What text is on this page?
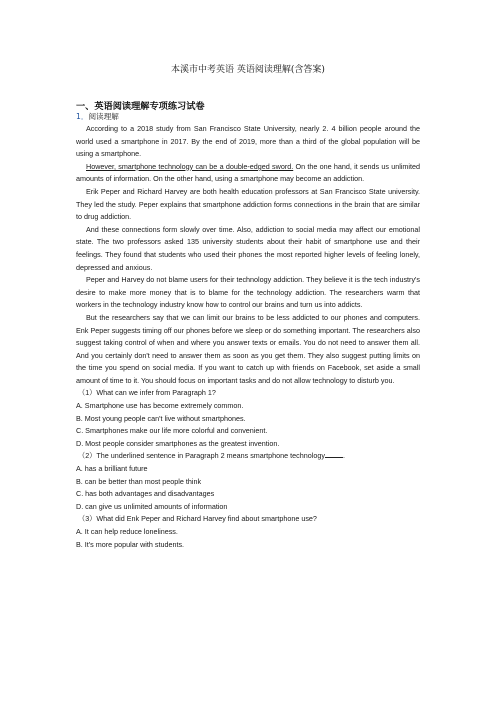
本溪市中考英语 英语阅读理解(含答案)
一、英语阅读理解专项练习试卷
1．阅读理解

According to a 2018 study from San Francisco State University, nearly 2. 4 billion people around the world used a smartphone in 2017. By the end of 2019, more than a third of the global population will be using a smartphone.

However, smartphone technology can be a double-edged sword. On the one hand, it sends us unlimited amounts of information. On the other hand, using a smartphone may become an addiction.

Erik Peper and Richard Harvey are both health education professors at San Francisco State university. They led the study. Peper explains that smartphone addiction forms connections in the brain that are similar to drug addiction.

And these connections form slowly over time. Also, addiction to social media may affect our emotional state. The two professors asked 135 university students about their habit of smartphone use and their feelings. They found that students who used their phones the most reported higher levels of feeling lonely, depressed and anxious.

Peper and Harvey do not blame users for their technology addiction. They believe it is the tech industry's desire to make more money that is to blame for the technology addiction. The researchers warm that workers in the technology industry know how to control our brains and turn us into addicts.

But the researchers say that we can limit our brains to be less addicted to our phones and computers. Enk Peper suggests timing off our phones before we sleep or do something important. The researchers also suggest taking control of when and where you answer texts or emails. You do not need to answer them all. And you certainly don't need to answer them as soon as you get them. They also suggest putting limits on the time you spend on social media. If you want to catch up with friends on Facebook, set aside a small amount of time to it. You should focus on important tasks and do not allow technology to disturb you.

（1）What can we infer from Paragraph 1?

A. Smartphone use has become extremely common.

B. Most young people can't live without smartphones.

C. Smartphones make our life more colorful and convenient.

D. Most people consider smartphones as the greatest invention.

（2）The underlined sentence in Paragraph 2 means smartphone technology	.

A. has a brilliant future

B. can be better than most people think

C. has both advantages and disadvantages

D. can give us unlimited amounts of information

（3）What did Enk Peper and Richard Harvey find about smartphone use?

A. It can help reduce loneliness.

B. It's more popular with students.
